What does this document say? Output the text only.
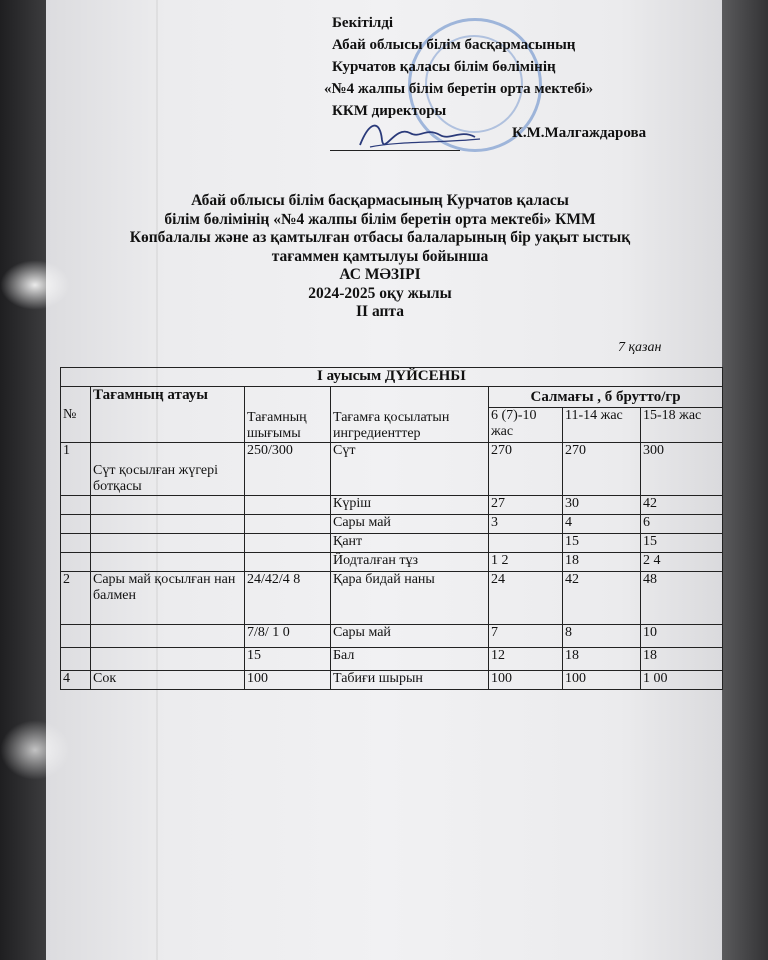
Бекітілді
Абай облысы білім басқармасының
Курчатов қаласы білім бөлімінің
«№4 жалпы білім беретін орта мектебі»
ККМ директоры
К.М.Малгаждарова
Абай облысы білім басқармасының Курчатов қаласы
білім бөлімінің «№4 жалпы білім беретін орта мектебі» КММ
Көпбалалы және аз қамтылған отбасы балаларының бір уақыт ыстық
тағаммен қамтылуы бойынша
АС МӘЗІРІ
2024-2025 оқу жылы
II апта
7 қазан
I ауысым ДҮЙСЕНБІ						
№	Тағамның атауы	Тағамның шығымы	Тағамға қосылатын ингредиенттер	Салмағы , б брутто/гр		
				6 (7)-10 жас	11-14 жас	15-18 жас
1	Сүт қосылған жүгері ботқасы	250/300	Сүт	270	270	300
			Күріш	27	30	42
			Сары май	3	4	6
			Қант		15	15
			Йодталған тұз	1 2	18	2 4
2	Сары май қосылған нан балмен	24/42/4 8	Қара бидай наны	24	42	48
		7/8/ 1 0	Сары май	7	8	10
		15	Бал	12	18	18
4	Сок	100	Табиғи шырын	100	100	1 00
